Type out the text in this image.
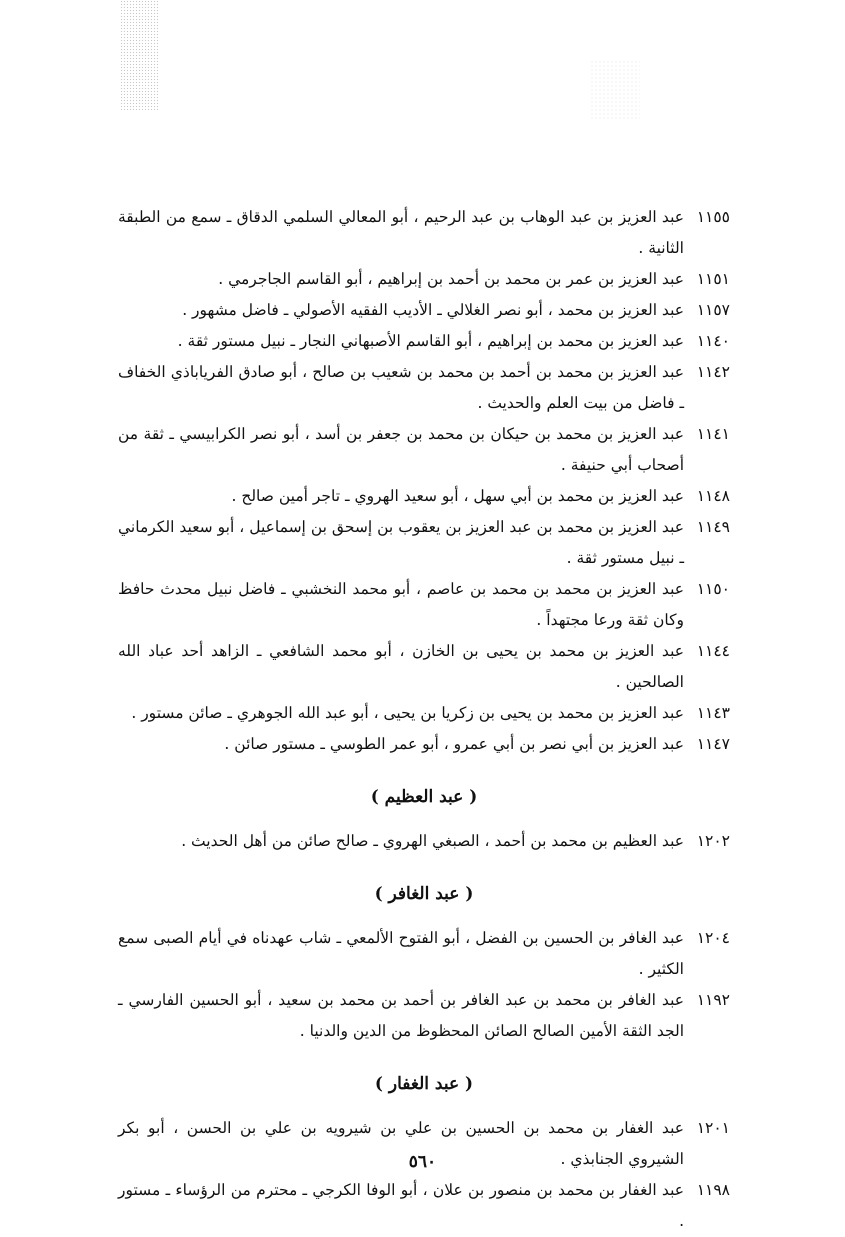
١١٥٥عبد العزيز بن عبد الوهاب بن عبد الرحيم ، أبو المعالي السلمي الدقاق ـ سمع من الطبقة الثانية .

١١٥١عبد العزيز بن عمر بن محمد بن أحمد بن إبراهيم ، أبو القاسم الجاجرمي .

١١٥٧عبد العزيز بن محمد ، أبو نصر الغلالي ـ الأديب الفقيه الأصولي ـ فاضل مشهور .

١١٤٠عبد العزيز بن محمد بن إبراهيم ، أبو القاسم الأصبهاني النجار ـ نبيل مستور ثقة .

١١٤٢عبد العزيز بن محمد بن أحمد بن محمد بن شعيب بن صالح ، أبو صادق الفرياباذي الخفاف ـ فاضل من بيت العلم والحديث .

١١٤١عبد العزيز بن محمد بن حيكان بن محمد بن جعفر بن أسد ، أبو نصر الكرابيسي ـ ثقة من أصحاب أبي حنيفة .

١١٤٨عبد العزيز بن محمد بن أبي سهل ، أبو سعيد الهروي ـ تاجر أمين صالح .

١١٤٩عبد العزيز بن محمد بن عبد العزيز بن يعقوب بن إسحق بن إسماعيل ، أبو سعيد الكرماني ـ نبيل مستور ثقة .

١١٥٠عبد العزيز بن محمد بن محمد بن عاصم ، أبو محمد النخشبي ـ فاضل نبيل محدث حافظ وكان ثقة ورعا مجتهداً .

١١٤٤عبد العزيز بن محمد بن يحيى بن الخازن ، أبو محمد الشافعي ـ الزاهد أحد عباد الله الصالحين .

١١٤٣عبد العزيز بن محمد بن يحيى بن زكريا بن يحيى ، أبو عبد الله الجوهري ـ صائن مستور .

١١٤٧عبد العزيز بن أبي نصر بن أبي عمرو ، أبو عمر الطوسي ـ مستور صائن .

( عبد العظيم )

١٢٠٢عبد العظيم بن محمد بن أحمد ، الصبغي الهروي ـ صالح صائن من أهل الحديث .

( عبد الغافر )

١٢٠٤عبد الغافر بن الحسين بن الفضل ، أبو الفتوح الألمعي ـ شاب عهدناه في أيام الصبى سمع الكثير .

١١٩٢عبد الغافر بن محمد بن عبد الغافر بن أحمد بن محمد بن سعيد ، أبو الحسين الفارسي ـ الجد الثقة الأمين الصالح الصائن المحظوظ من الدين والدنيا .

( عبد الغفار )

١٢٠١عبد الغفار بن محمد بن الحسين بن علي بن شيرويه بن علي بن الحسن ، أبو بكر الشيروي الجنابذي .

١١٩٨عبد الغفار بن محمد بن منصور بن علان ، أبو الوفا الكرجي ـ محترم من الرؤساء ـ مستور .

٥٦٠
